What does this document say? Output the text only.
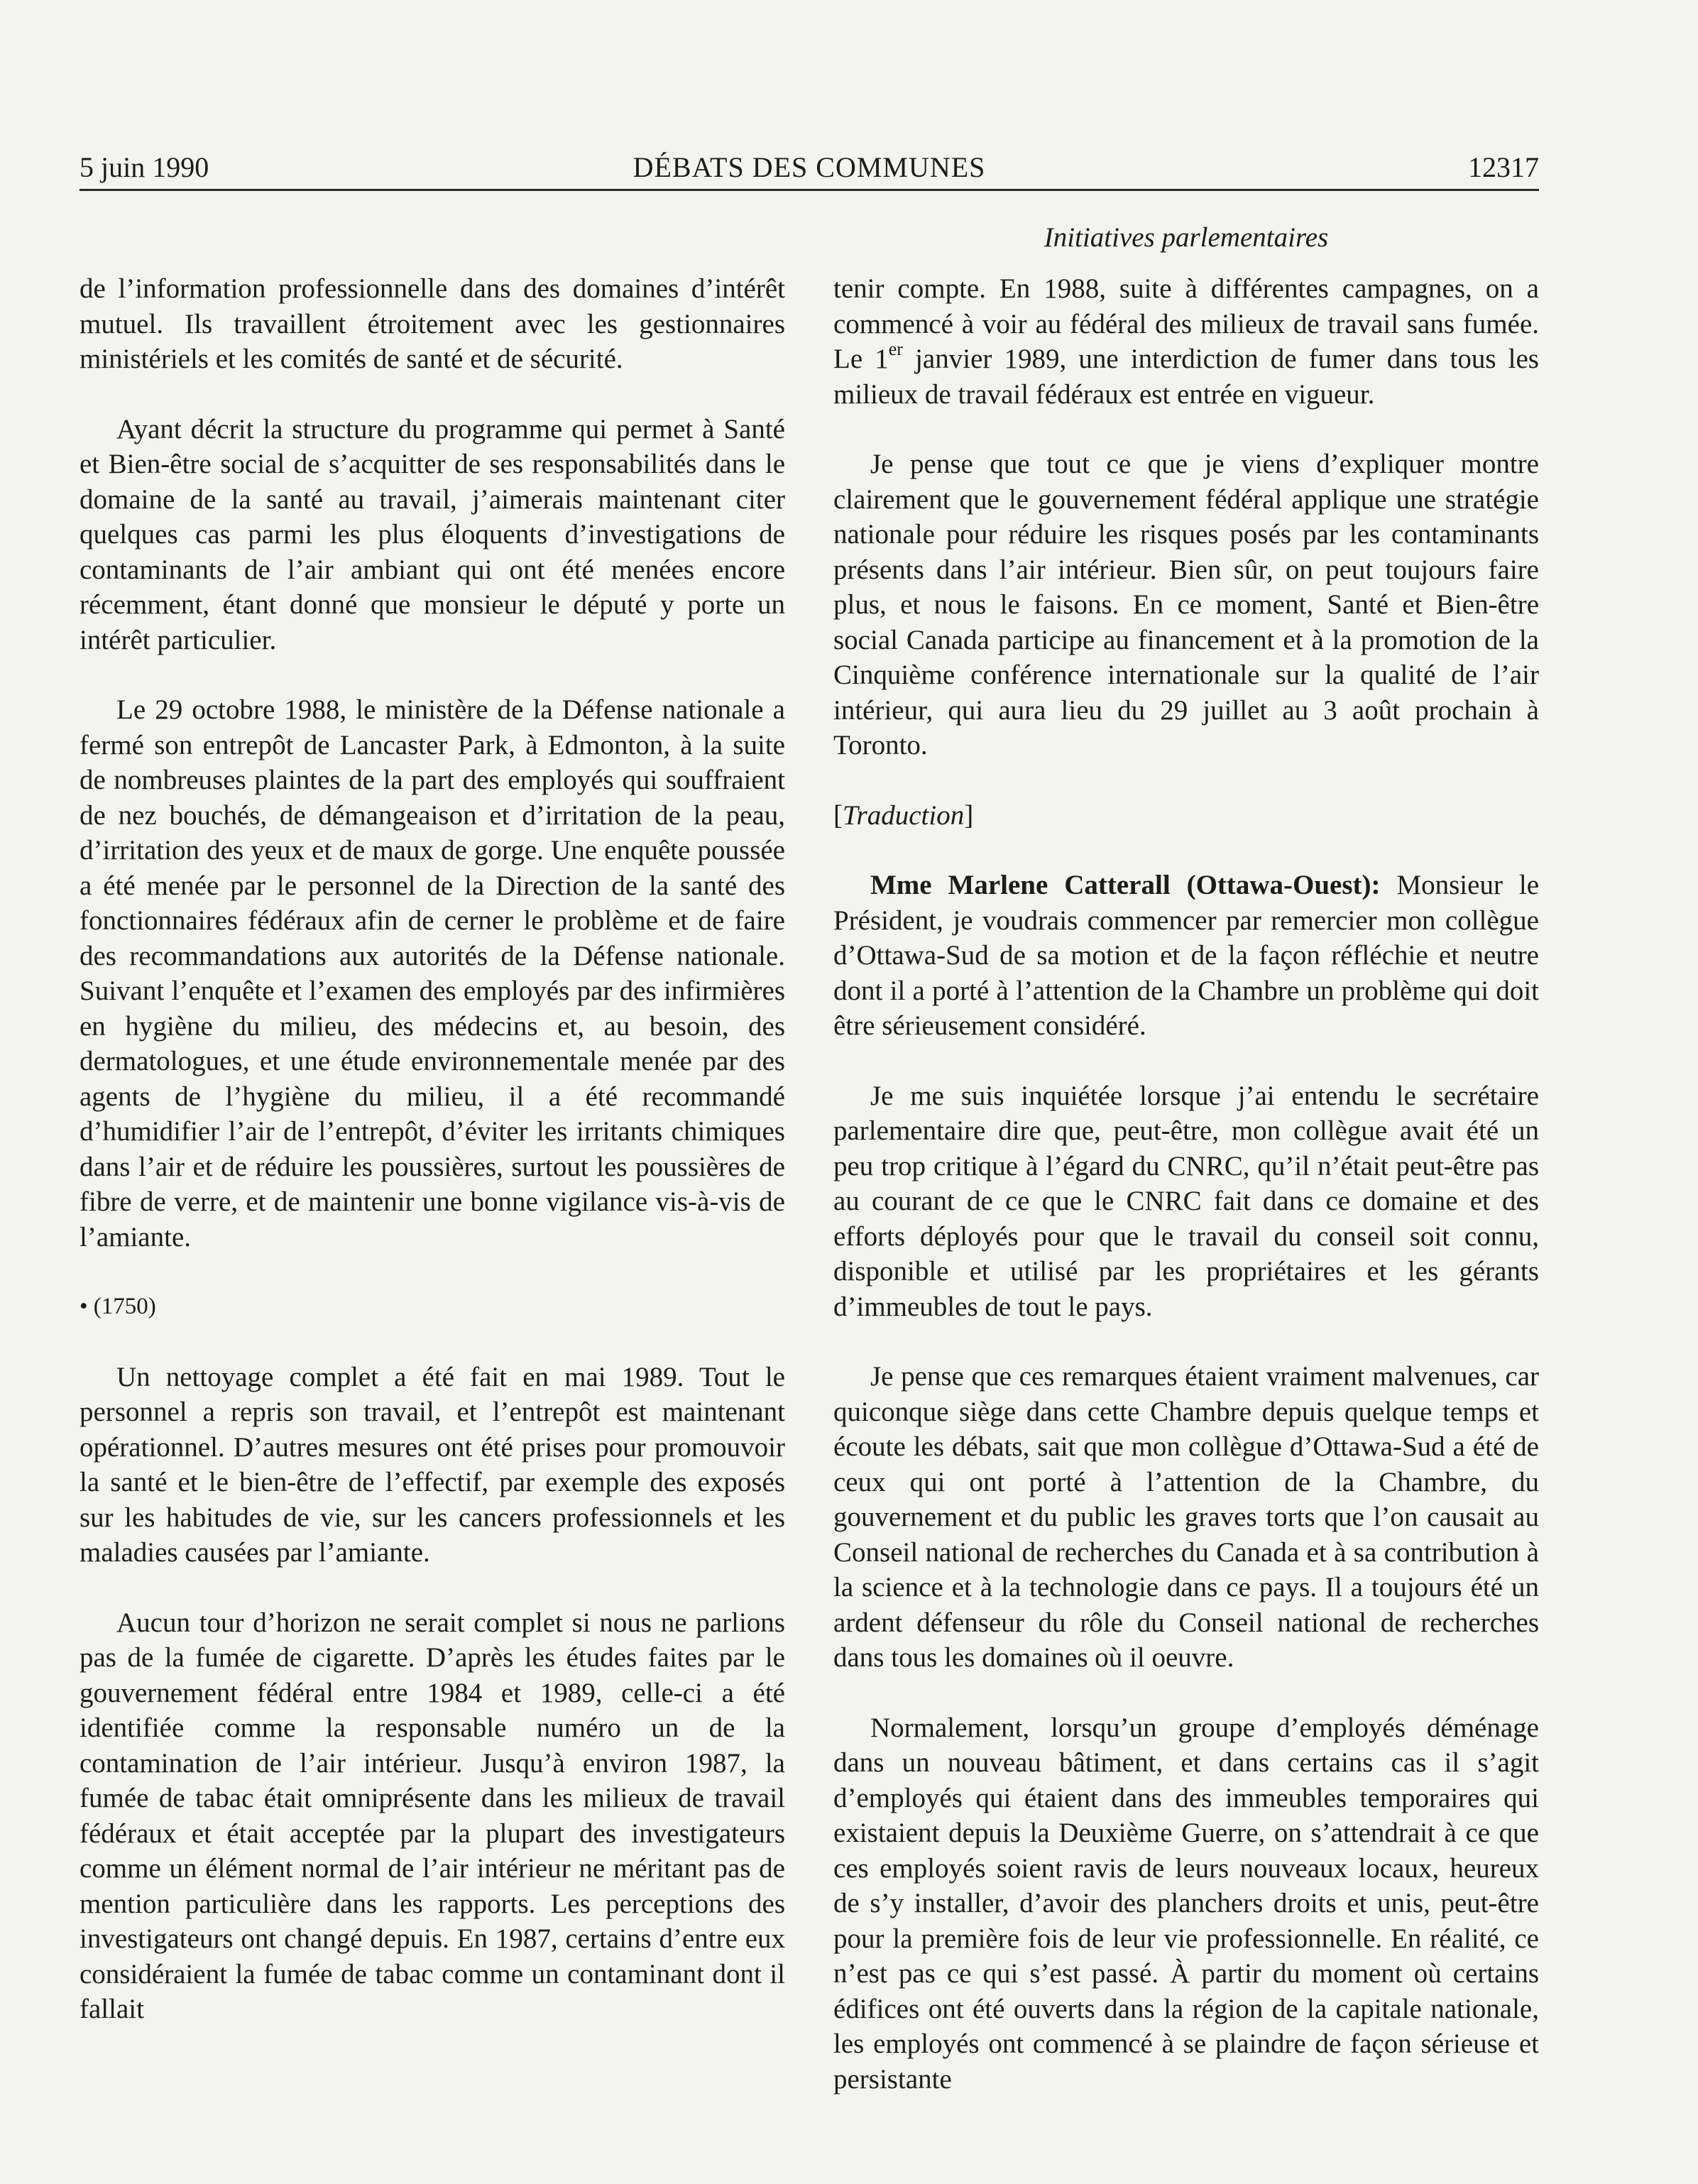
5 juin 1990	DÉBATS DES COMMUNES	12317
Initiatives parlementaires

de l’information professionnelle dans des domaines d’intérêt mutuel. Ils travaillent étroitement avec les gestionnaires ministériels et les comités de santé et de sécurité.

Ayant décrit la structure du programme qui permet à Santé et Bien-être social de s’acquitter de ses responsabilités dans le domaine de la santé au travail, j’aimerais maintenant citer quelques cas parmi les plus éloquents d’investigations de contaminants de l’air ambiant qui ont été menées encore récemment, étant donné que monsieur le député y porte un intérêt particulier.

Le 29 octobre 1988, le ministère de la Défense nationale a fermé son entrepôt de Lancaster Park, à Edmonton, à la suite de nombreuses plaintes de la part des employés qui souffraient de nez bouchés, de démangeaison et d’irritation de la peau, d’irritation des yeux et de maux de gorge. Une enquête poussée a été menée par le personnel de la Direction de la santé des fonctionnaires fédéraux afin de cerner le problème et de faire des recommandations aux autorités de la Défense nationale. Suivant l’enquête et l’examen des employés par des infirmières en hygiène du milieu, des médecins et, au besoin, des dermatologues, et une étude environnementale menée par des agents de l’hygiène du milieu, il a été recommandé d’humidifier l’air de l’entrepôt, d’éviter les irritants chimiques dans l’air et de réduire les poussières, surtout les poussières de fibre de verre, et de maintenir une bonne vigilance vis-à-vis de l’amiante.

• (1750)

Un nettoyage complet a été fait en mai 1989. Tout le personnel a repris son travail, et l’entrepôt est maintenant opérationnel. D’autres mesures ont été prises pour promouvoir la santé et le bien-être de l’effectif, par exemple des exposés sur les habitudes de vie, sur les cancers professionnels et les maladies causées par l’amiante.

Aucun tour d’horizon ne serait complet si nous ne parlions pas de la fumée de cigarette. D’après les études faites par le gouvernement fédéral entre 1984 et 1989, celle-ci a été identifiée comme la responsable numéro un de la contamination de l’air intérieur. Jusqu’à environ 1987, la fumée de tabac était omniprésente dans les milieux de travail fédéraux et était acceptée par la plupart des investigateurs comme un élément normal de l’air intérieur ne méritant pas de mention particulière dans les rapports. Les perceptions des investigateurs ont changé depuis. En 1987, certains d’entre eux considéraient la fumée de tabac comme un contaminant dont il fallait

tenir compte. En 1988, suite à différentes campagnes, on a commencé à voir au fédéral des milieux de travail sans fumée. Le 1er janvier 1989, une interdiction de fumer dans tous les milieux de travail fédéraux est entrée en vigueur.

Je pense que tout ce que je viens d’expliquer montre clairement que le gouvernement fédéral applique une stratégie nationale pour réduire les risques posés par les contaminants présents dans l’air intérieur. Bien sûr, on peut toujours faire plus, et nous le faisons. En ce moment, Santé et Bien-être social Canada participe au financement et à la promotion de la Cinquième conférence internationale sur la qualité de l’air intérieur, qui aura lieu du 29 juillet au 3 août prochain à Toronto.

[Traduction]

Mme Marlene Catterall (Ottawa-Ouest): Monsieur le Président, je voudrais commencer par remercier mon collègue d’Ottawa-Sud de sa motion et de la façon réfléchie et neutre dont il a porté à l’attention de la Chambre un problème qui doit être sérieusement considéré.

Je me suis inquiétée lorsque j’ai entendu le secrétaire parlementaire dire que, peut-être, mon collègue avait été un peu trop critique à l’égard du CNRC, qu’il n’était peut-être pas au courant de ce que le CNRC fait dans ce domaine et des efforts déployés pour que le travail du conseil soit connu, disponible et utilisé par les propriétaires et les gérants d’immeubles de tout le pays.

Je pense que ces remarques étaient vraiment malvenues, car quiconque siège dans cette Chambre depuis quelque temps et écoute les débats, sait que mon collègue d’Ottawa-Sud a été de ceux qui ont porté à l’attention de la Chambre, du gouvernement et du public les graves torts que l’on causait au Conseil national de recherches du Canada et à sa contribution à la science et à la technologie dans ce pays. Il a toujours été un ardent défenseur du rôle du Conseil national de recherches dans tous les domaines où il oeuvre.

Normalement, lorsqu’un groupe d’employés déménage dans un nouveau bâtiment, et dans certains cas il s’agit d’employés qui étaient dans des immeubles temporaires qui existaient depuis la Deuxième Guerre, on s’attendrait à ce que ces employés soient ravis de leurs nouveaux locaux, heureux de s’y installer, d’avoir des planchers droits et unis, peut-être pour la première fois de leur vie professionnelle. En réalité, ce n’est pas ce qui s’est passé. À partir du moment où certains édifices ont été ouverts dans la région de la capitale nationale, les employés ont commencé à se plaindre de façon sérieuse et persistante
